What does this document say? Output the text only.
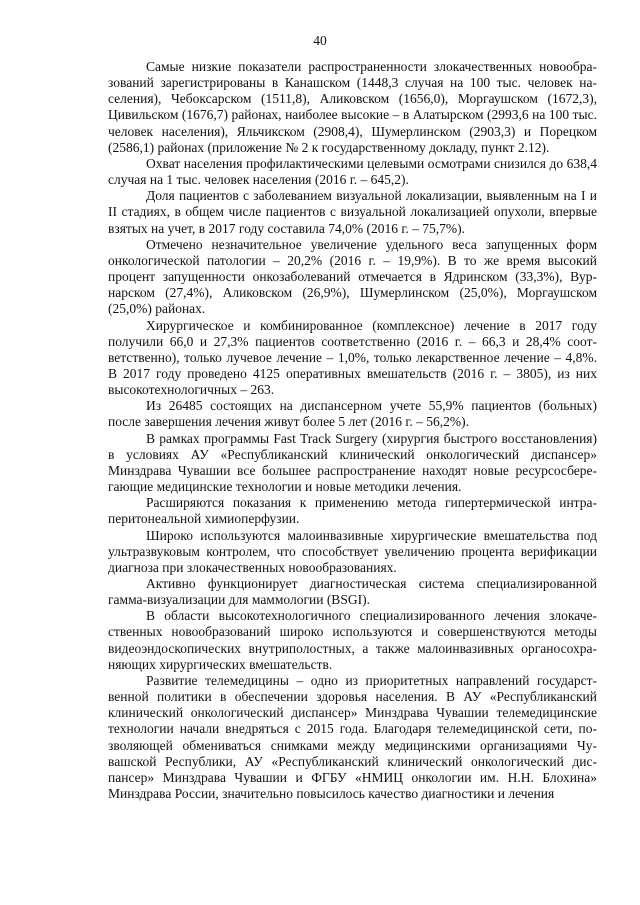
40

Самые низкие показатели распространенности злокачественных новообразований зарегистрированы в Канашском (1448,3 случая на 100 тыс. человек населения), Чебоксарском (1511,8), Аликовском (1656,0), Моргаушском (1672,3), Цивильском (1676,7) районах, наиболее высокие – в Алатырском (2993,6 на 100 тыс. человек населения), Яльчикском (2908,4), Шумерлинском (2903,3) и Порецком (2586,1) районах (приложение № 2 к государственному докладу, пункт 2.12).

Охват населения профилактическими целевыми осмотрами снизился до 638,4 случая на 1 тыс. человек населения (2016 г. – 645,2).

Доля пациентов с заболеванием визуальной локализации, выявленным на I и II стадиях, в общем числе пациентов с визуальной локализацией опухоли, впервые взятых на учет, в 2017 году составила 74,0% (2016 г. – 75,7%).

Отмечено незначительное увеличение удельного веса запущенных форм онкологической патологии – 20,2% (2016 г. – 19,9%). В то же время высокий процент запущенности онкозаболеваний отмечается в Ядринском (33,3%), Вурнарском (27,4%), Аликовском (26,9%), Шумерлинском (25,0%), Моргаушском (25,0%) районах.

Хирургическое и комбинированное (комплексное) лечение в 2017 году получили 66,0 и 27,3% пациентов соответственно (2016 г. – 66,3 и 28,4% соответственно), только лучевое лечение – 1,0%, только лекарственное лечение – 4,8%. В 2017 году проведено 4125 оперативных вмешательств (2016 г. – 3805), из них высокотехнологичных – 263.

Из 26485 состоящих на диспансерном учете 55,9% пациентов (больных) после завершения лечения живут более 5 лет (2016 г. – 56,2%).

В рамках программы Fast Track Surgery (хирургия быстрого восстановления) в условиях АУ «Республиканский клинический онкологический диспансер» Минздрава Чувашии все большее распространение находят новые ресурсосберегающие медицинские технологии и новые методики лечения.

Расширяются показания к применению метода гипертермической интраперитонеальной химиоперфузии.

Широко используются малоинвазивные хирургические вмешательства под ультразвуковым контролем, что способствует увеличению процента верификации диагноза при злокачественных новообразованиях.

Активно функционирует диагностическая система специализированной гамма-визуализации для маммологии (BSGI).

В области высокотехнологичного специализированного лечения злокачественных новообразований широко используются и совершенствуются методы видеоэндоскопических внутриполостных, а также малоинвазивных органосохраняющих хирургических вмешательств.

Развитие телемедицины – одно из приоритетных направлений государственной политики в обеспечении здоровья населения. В АУ «Республиканский клинический онкологический диспансер» Минздрава Чувашии телемедицинские технологии начали внедряться с 2015 года. Благодаря телемедицинской сети, позволяющей обмениваться снимками между медицинскими организациями Чувашской Республики, АУ «Республиканский клинический онкологический диспансер» Минздрава Чувашии и ФГБУ «НМИЦ онкологии им. Н.Н. Блохина» Минздрава России, значительно повысилось качество диагностики и лечения
